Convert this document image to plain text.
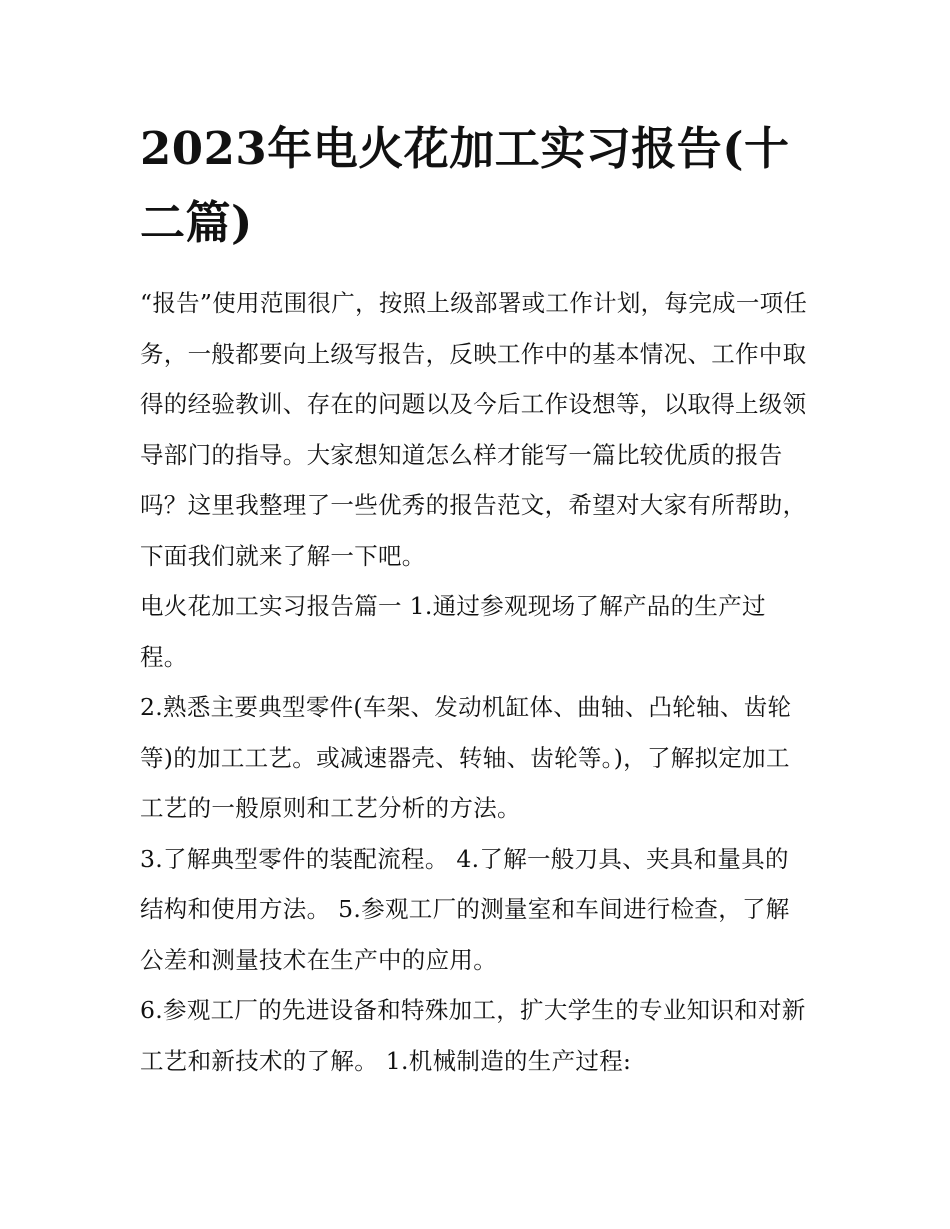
2023年电火花加工实习报告(十二篇)

“报告”使用范围很广，按照上级部署或工作计划，每完成一项任务，一般都要向上级写报告，反映工作中的基本情况、工作中取得的经验教训、存在的问题以及今后工作设想等，以取得上级领导部门的指导。大家想知道怎么样才能写一篇比较优质的报告吗？这里我整理了一些优秀的报告范文，希望对大家有所帮助，下面我们就来了解一下吧。

电火花加工实习报告篇一 1.通过参观现场了解产品的生产过程。

2.熟悉主要典型零件(车架、发动机缸体、曲轴、凸轮轴、齿轮等)的加工工艺。或减速器壳、转轴、齿轮等。)，了解拟定加工工艺的一般原则和工艺分析的方法。

3.了解典型零件的装配流程。 4.了解一般刀具、夹具和量具的结构和使用方法。 5.参观工厂的测量室和车间进行检查，了解公差和测量技术在生产中的应用。

6.参观工厂的先进设备和特殊加工，扩大学生的专业知识和对新工艺和新技术的了解。 1.机械制造的生产过程:
